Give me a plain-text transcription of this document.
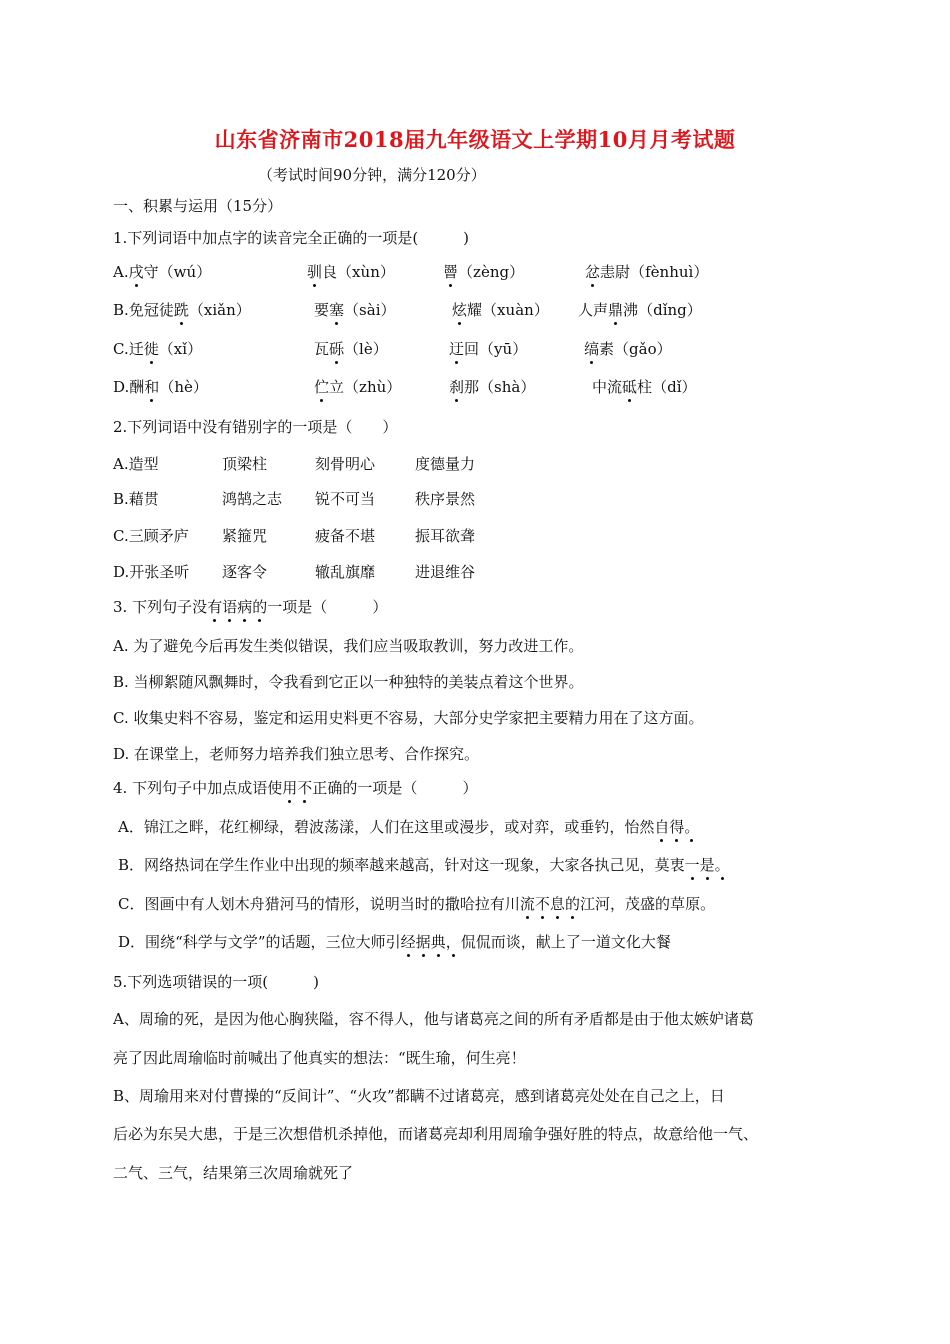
山东省济南市2018届九年级语文上学期10月月考试题
（考试时间90分钟，满分120分）
一、积累与运用（15分）
1.下列词语中加点字的读音完全正确的一项是(　　　)
A.戌守（wú）	驯良（xùn）	罾（zèng）	忿恚尉（fènhuì）
B.免冠徒跣（xiǎn）	要塞（sài）	炫耀（xuàn） 人声鼎沸（dǐng）
C.迁徙（xǐ）	瓦砾（lè）	迂回（yū）	缟素（gǎo）
D.酬和（hè）	伫立（zhù）	刹那（shà）	中流砥柱（dǐ）
2.下列词语中没有错别字的一项是（　　）
A.造型	顶梁柱	刻骨明心	度德量力
B.藉贯	鸿鹄之志 锐不可当	秩序景然
C.三顾矛庐 紧箍咒	疲备不堪	振耳欲聋
D.开张圣听 逐客令	辙乱旗靡	进退维谷
3. 下列句子没有语病的一项是（　　　	）
A. 为了避免今后再发生类似错误，我们应当吸取教训，努力改进工作。
B. 当柳絮随风飘舞时，令我看到它正以一种独特的美装点着这个世界。
C. 收集史料不容易，鉴定和运用史料更不容易，大部分史学家把主要精力用在了这方面。
D. 在课堂上，老师努力培养我们独立思考、合作探究。
4. 下列句子中加点成语使用不正确的一项是（　　　	）
A．锦江之畔，花红柳绿，碧波荡漾，人们在这里或漫步，或对弈，或垂钓，怡然自得。
B．网络热词在学生作业中出现的频率越来越高，针对这一现象，大家各执己见，莫衷一是。
C．图画中有人划木舟猎河马的情形，说明当时的撒哈拉有川流不息的江河，茂盛的草原。
D．围绕“科学与文学”的话题，三位大师引经据典，侃侃而谈，献上了一道文化大餐
5.下列选项错误的一项(　　　)
A、周瑜的死，是因为他心胸狭隘，容不得人，他与诸葛亮之间的所有矛盾都是由于他太嫉妒诸葛
亮了因此周瑜临时前喊出了他真实的想法：“既生瑜，何生亮！
B、周瑜用来对付曹操的“反间计”、“火攻”都瞒不过诸葛亮，感到诸葛亮处处在自己之上，日
后必为东吴大患，于是三次想借机杀掉他，而诸葛亮却利用周瑜争强好胜的特点，故意给他一气、
二气、三气，结果第三次周瑜就死了
